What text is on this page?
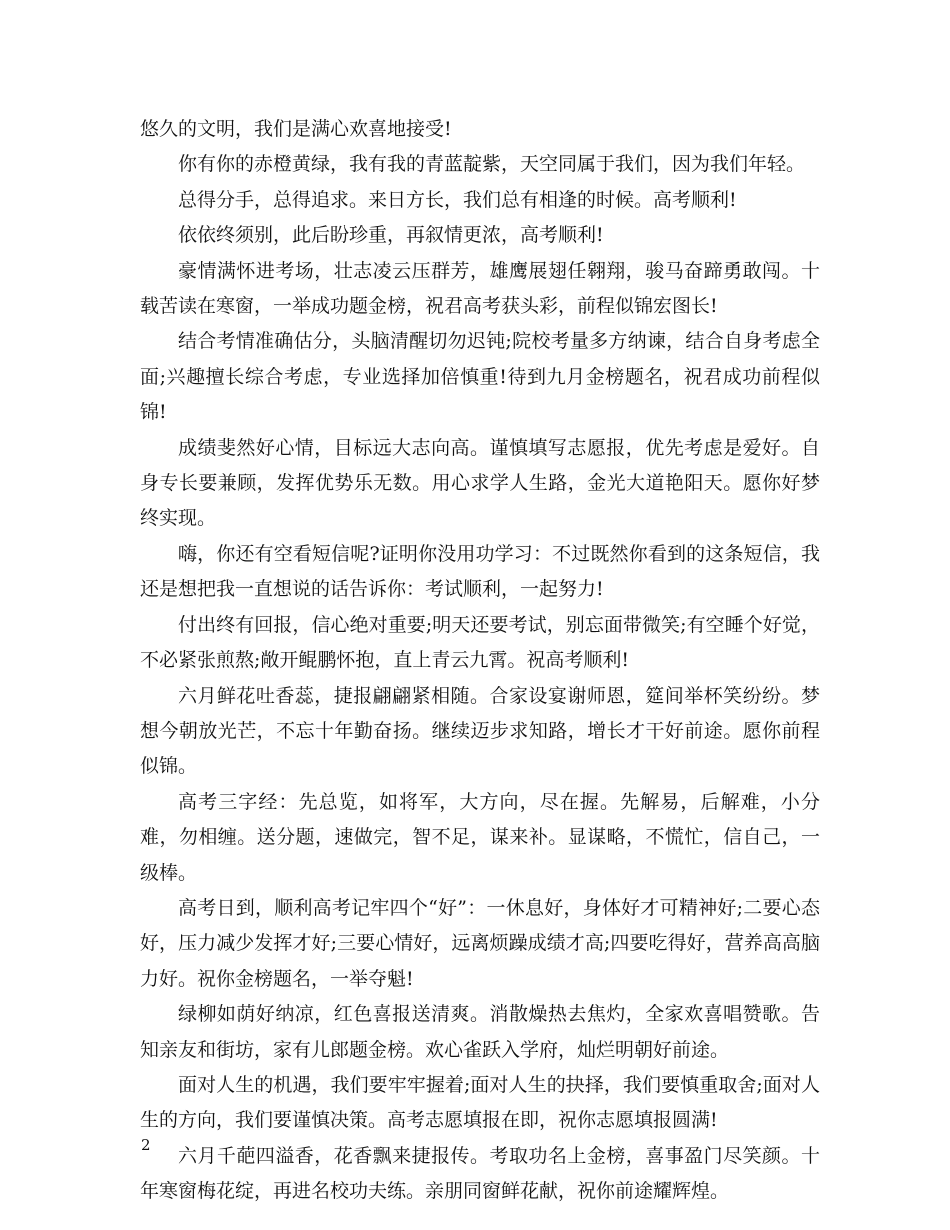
悠久的文明，我们是满心欢喜地接受!

你有你的赤橙黄绿，我有我的青蓝靛紫，天空同属于我们，因为我们年轻。

总得分手，总得追求。来日方长，我们总有相逢的时候。高考顺利!

依依终须别，此后盼珍重，再叙情更浓，高考顺利!

豪情满怀进考场，壮志凌云压群芳，雄鹰展翅任翱翔，骏马奋蹄勇敢闯。十载苦读在寒窗，一举成功题金榜，祝君高考获头彩，前程似锦宏图长!

结合考情准确估分，头脑清醒切勿迟钝;院校考量多方纳谏，结合自身考虑全面;兴趣擅长综合考虑，专业选择加倍慎重!待到九月金榜题名，祝君成功前程似锦!

成绩斐然好心情，目标远大志向高。谨慎填写志愿报，优先考虑是爱好。自身专长要兼顾，发挥优势乐无数。用心求学人生路，金光大道艳阳天。愿你好梦终实现。

嗨，你还有空看短信呢?证明你没用功学习：不过既然你看到的这条短信，我还是想把我一直想说的话告诉你：考试顺利，一起努力!

付出终有回报，信心绝对重要;明天还要考试，别忘面带微笑;有空睡个好觉，不必紧张煎熬;敞开鲲鹏怀抱，直上青云九霄。祝高考顺利!

六月鲜花吐香蕊，捷报翩翩紧相随。合家设宴谢师恩，筵间举杯笑纷纷。梦想今朝放光芒，不忘十年勤奋扬。继续迈步求知路，增长才干好前途。愿你前程似锦。

高考三字经：先总览，如将军，大方向，尽在握。先解易，后解难，小分难，勿相缠。送分题，速做完，智不足，谋来补。显谋略，不慌忙，信自己，一级棒。

高考日到，顺利高考记牢四个“好”：一休息好，身体好才可精神好;二要心态好，压力减少发挥才好;三要心情好，远离烦躁成绩才高;四要吃得好，营养高高脑力好。祝你金榜题名，一举夺魁!

绿柳如荫好纳凉，红色喜报送清爽。消散燥热去焦灼，全家欢喜唱赞歌。告知亲友和街坊，家有儿郎题金榜。欢心雀跃入学府，灿烂明朝好前途。

面对人生的机遇，我们要牢牢握着;面对人生的抉择，我们要慎重取舍;面对人生的方向，我们要谨慎决策。高考志愿填报在即，祝你志愿填报圆满!

六月千葩四溢香，花香飘来捷报传。考取功名上金榜，喜事盈门尽笑颜。十年寒窗梅花绽，再进名校功夫练。亲朋同窗鲜花献，祝你前途耀辉煌。

2
